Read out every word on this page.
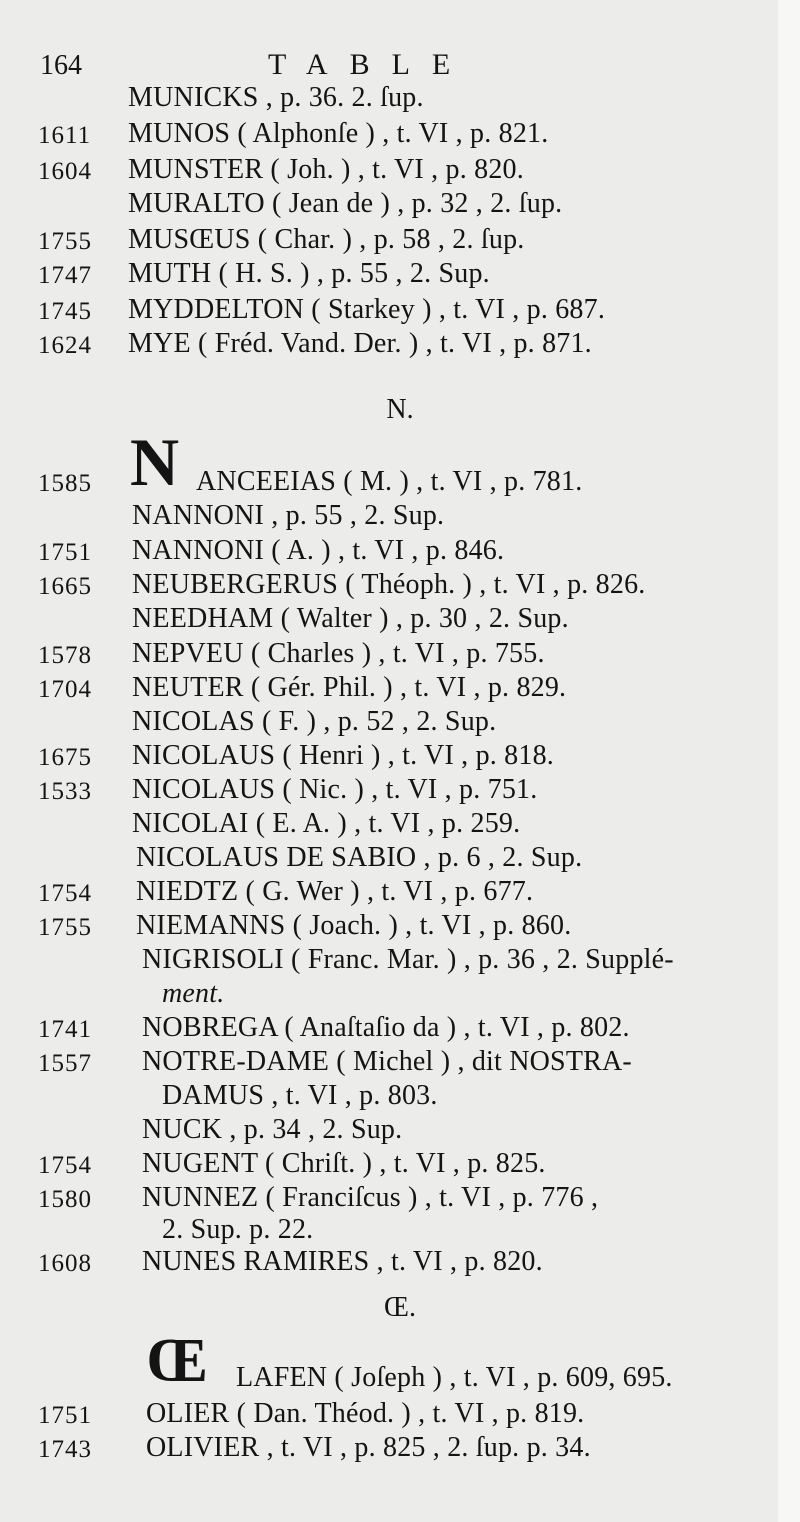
164	TABLE
MUNICKS , p. 36. 2. ſup.
1611 MUNOS ( Alphonſe ) , t. VI , p. 821.
1604 MUNSTER ( Joh. ) , t. VI , p. 820.
MURALTO ( Jean de ) , p. 32 , 2. ſup.
1755 MUSŒUS ( Char. ) , p. 58 , 2. ſup.
1747 MUTH ( H. S. ) , p. 55 , 2. Sup.
1745 MYDDELTON ( Starkey ) , t. VI , p. 687.
1624 MYE ( Fréd. Vand. Der. ) , t. VI , p. 871.
N.
N
1585	ANCEEIAS ( M. ) , t. VI , p. 781.
NANNONI , p. 55 , 2. Sup.
1751 NANNONI ( A. ) , t. VI , p. 846.
1665 NEUBERGERUS ( Théoph. ) , t. VI , p. 826.
NEEDHAM ( Walter ) , p. 30 , 2. Sup.
1578 NEPVEU ( Charles ) , t. VI , p. 755.
1704 NEUTER ( Gér. Phil. ) , t. VI , p. 829.
NICOLAS ( F. ) , p. 52 , 2. Sup.
1675 NICOLAUS ( Henri ) , t. VI , p. 818.
1533 NICOLAUS ( Nic. ) , t. VI , p. 751.
NICOLAI ( E. A. ) , t. VI , p. 259.
NICOLAUS DE SABIO , p. 6 , 2. Sup.
1754 NIEDTZ ( G. Wer ) , t. VI , p. 677.
1755 NIEMANNS ( Joach. ) , t. VI , p. 860.
NIGRISOLI ( Franc. Mar. ) , p. 36 , 2. Supplé-
ment.
1741 NOBREGA ( Anaſtaſio da ) , t. VI , p. 802.
1557 NOTRE-DAME ( Michel ) , dit NOSTRA-
DAMUS , t. VI , p. 803.
NUCK , p. 34 , 2. Sup.
1754 NUGENT ( Chriſt. ) , t. VI , p. 825.
1580 NUNNEZ ( Franciſcus ) , t. VI , p. 776 ,
2. Sup. p. 22.
1608 NUNES RAMIRES , t. VI , p. 820.
Œ.
Œ LAFEN ( Joſeph ) , t. VI , p. 609, 695.
1751 OLIER ( Dan. Théod. ) , t. VI , p. 819.
1743 OLIVIER , t. VI , p. 825 , 2. ſup. p. 34.
